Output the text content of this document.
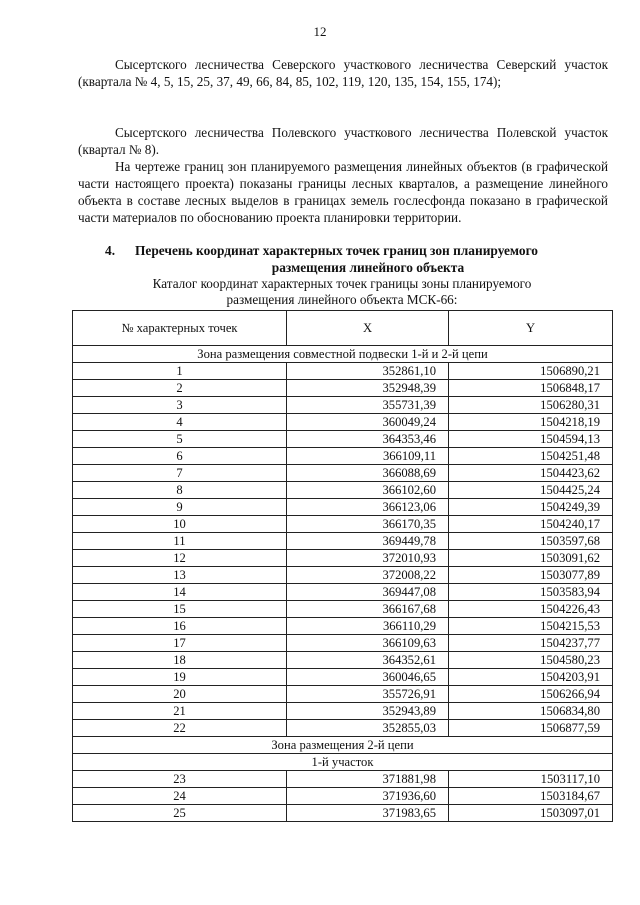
12

Сысертского лесничества Северского участкового лесничества Северский участок (квартала № 4, 5, 15, 25, 37, 49, 66, 84, 85, 102, 119, 120, 135, 154, 155, 174);

Сысертского лесничества Полевского участкового лесничества Полевской участок (квартал № 8).

На чертеже границ зон планируемого размещения линейных объектов (в графической части настоящего проекта) показаны границы лесных кварталов, а размещение линейного объекта в составе лесных выделов в границах земель гослесфонда показано в графической части материалов по обоснованию проекта планировки территории.

4. Перечень координат характерных точек границ зон планируемого
размещения линейного объекта
Каталог координат характерных точек границы зоны планируемого
размещения линейного объекта МСК-66:
№ характерных точек	X	Y
Зона размещения совместной подвески 1-й и 2-й цепи		
1	352861,10	1506890,21
2	352948,39	1506848,17
3	355731,39	1506280,31
4	360049,24	1504218,19
5	364353,46	1504594,13
6	366109,11	1504251,48
7	366088,69	1504423,62
8	366102,60	1504425,24
9	366123,06	1504249,39
10	366170,35	1504240,17
11	369449,78	1503597,68
12	372010,93	1503091,62
13	372008,22	1503077,89
14	369447,08	1503583,94
15	366167,68	1504226,43
16	366110,29	1504215,53
17	366109,63	1504237,77
18	364352,61	1504580,23
19	360046,65	1504203,91
20	355726,91	1506266,94
21	352943,89	1506834,80
22	352855,03	1506877,59
Зона размещения 2-й цепи		
1-й участок		
23	371881,98	1503117,10
24	371936,60	1503184,67
25	371983,65	1503097,01
